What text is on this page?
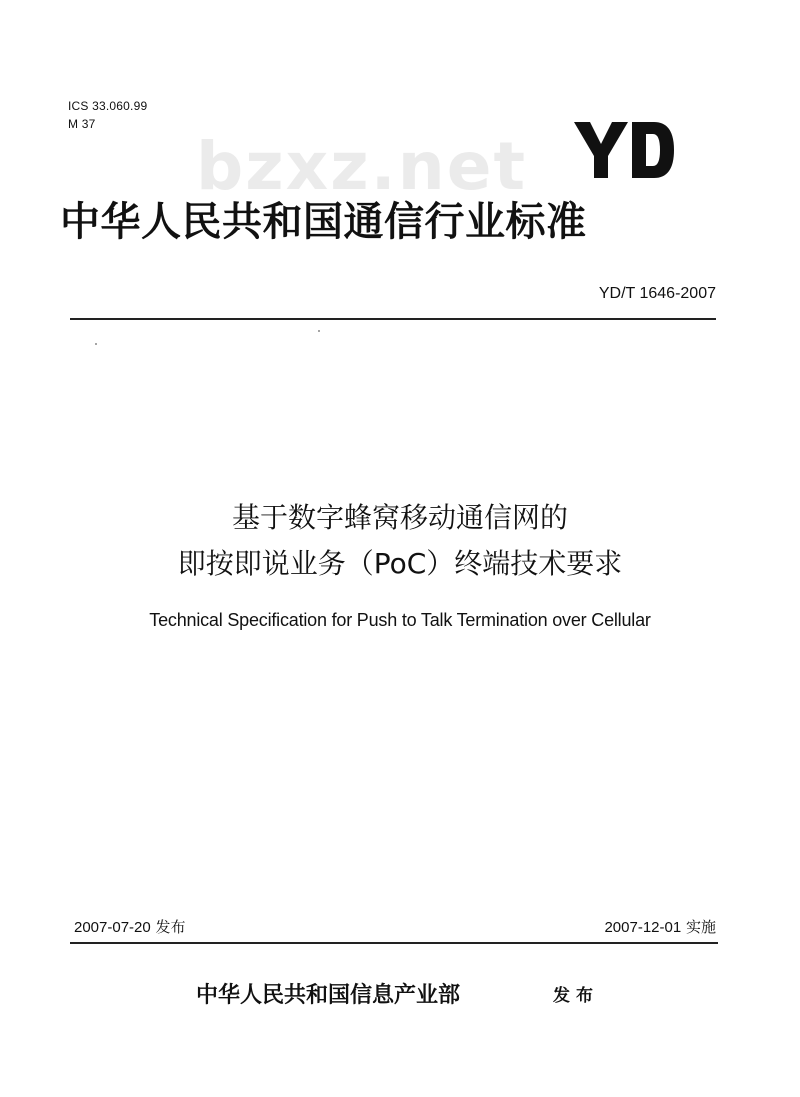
ICS 33.060.99
M 37
bzxz.net
中华人民共和国通信行业标准
YD/T 1646-2007
基于数字蜂窝移动通信网的
即按即说业务（PoC）终端技术要求
Technical Specification for Push to Talk Termination over Cellular
2007-07-20 发布	2007-12-01 实施
中华人民共和国信息产业部	发布
